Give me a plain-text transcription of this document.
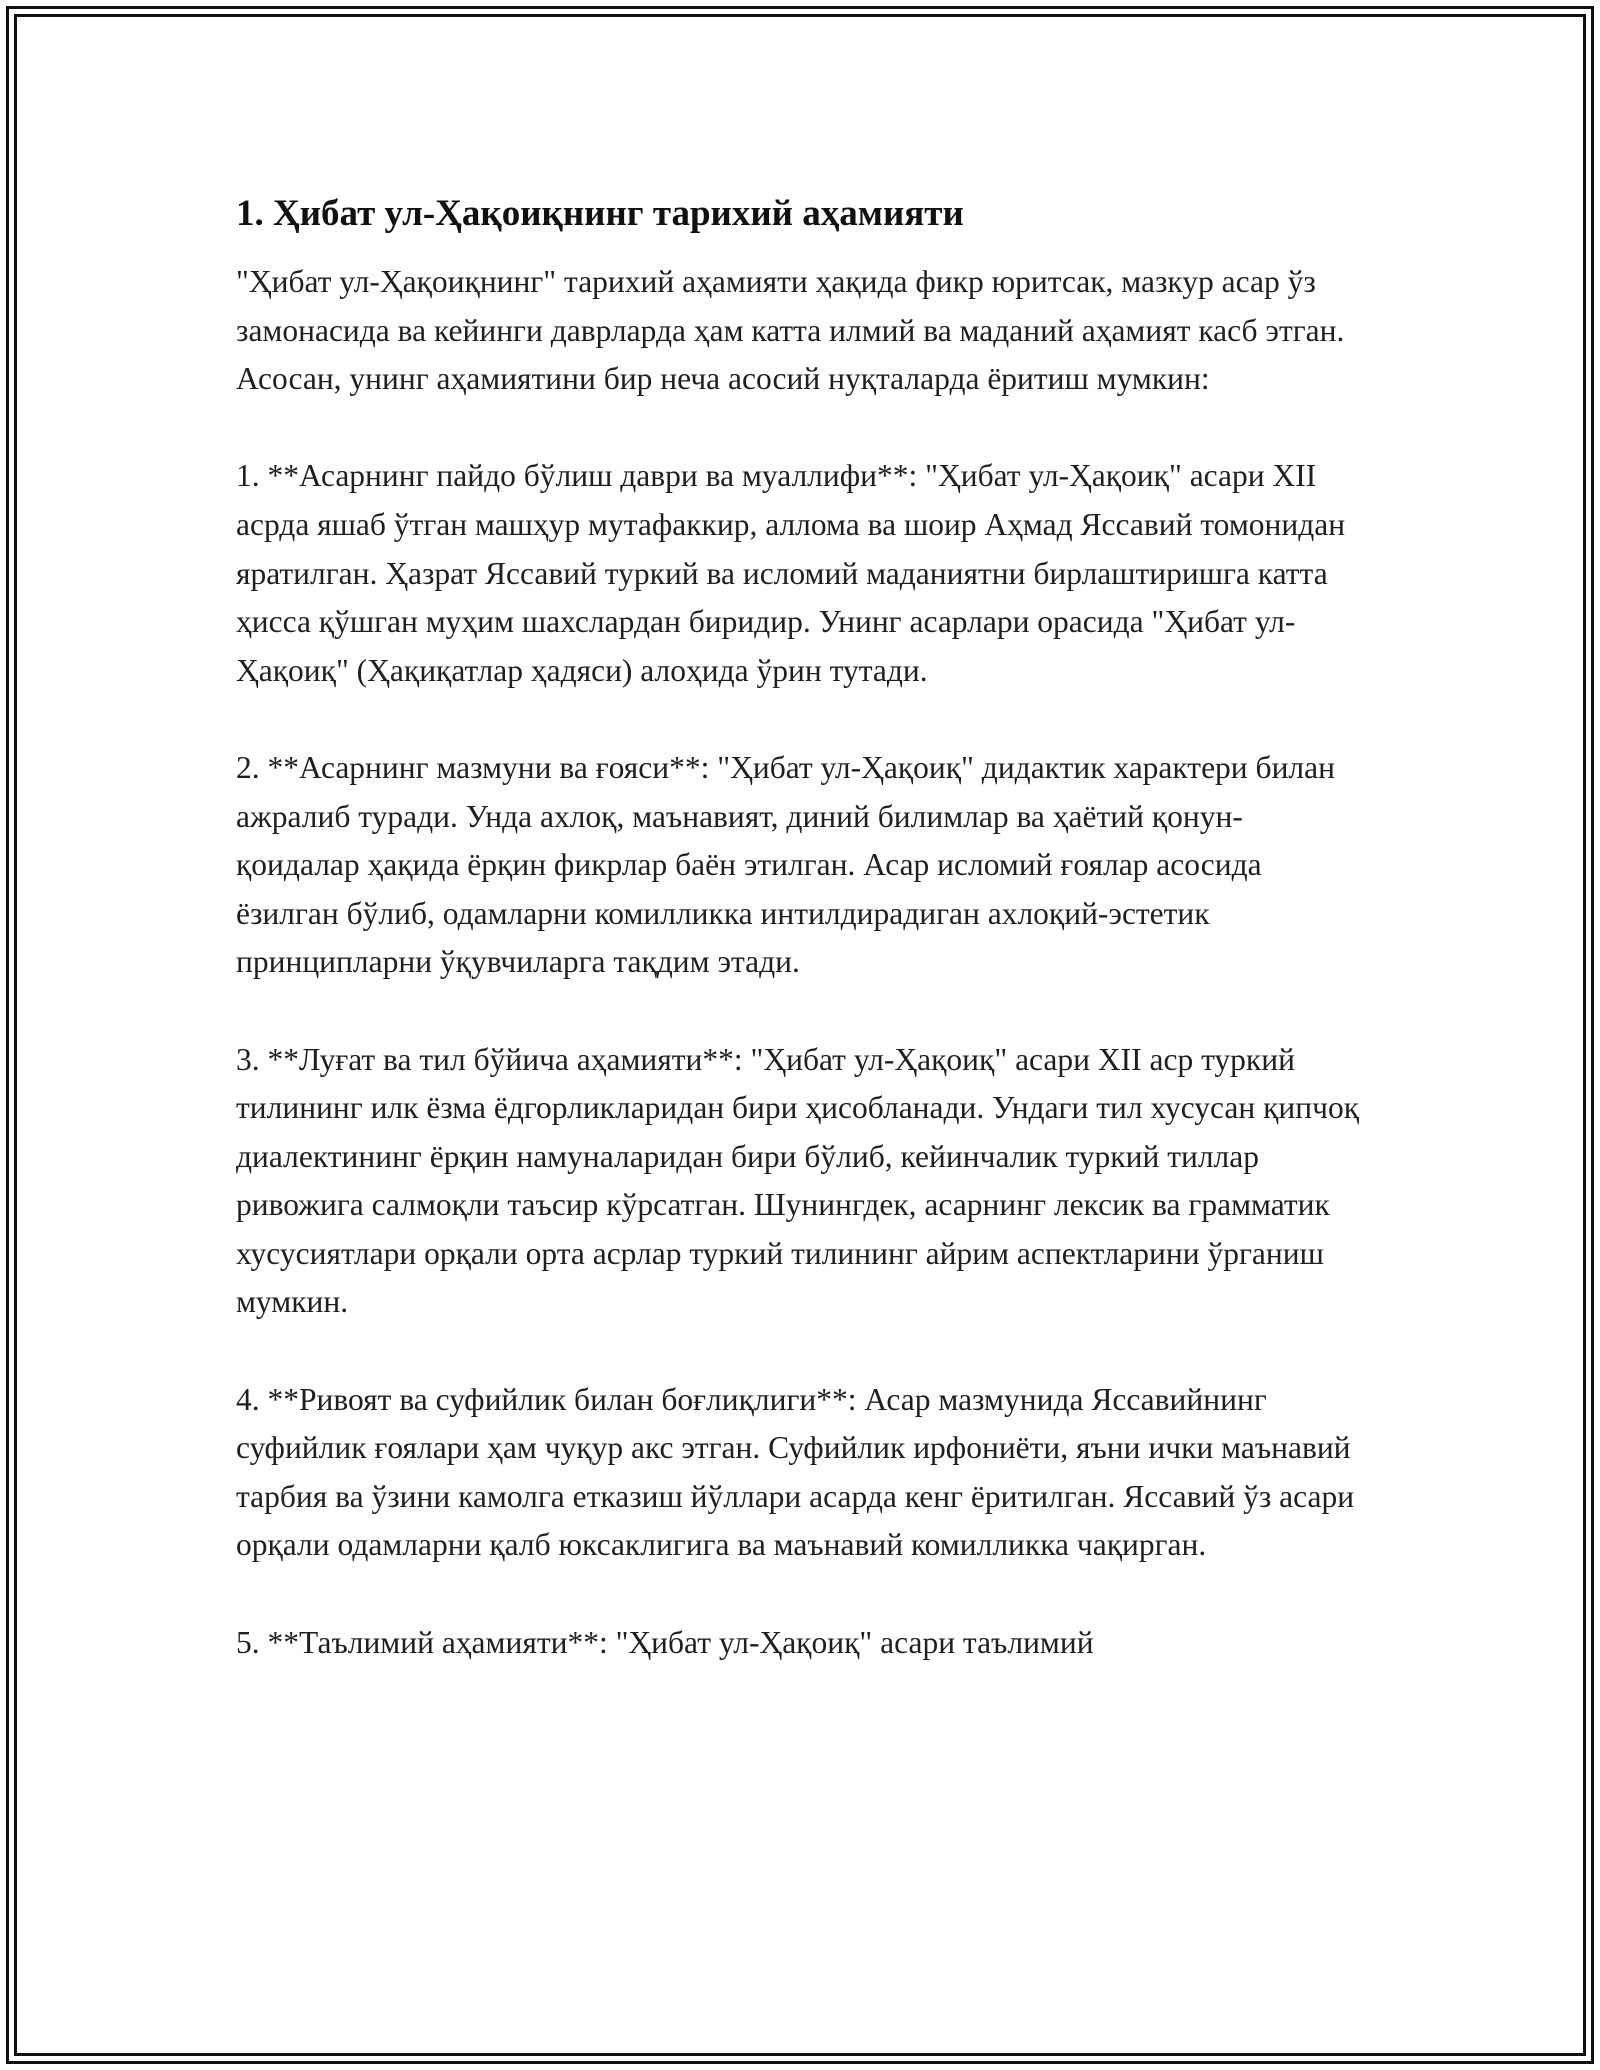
1. Ҳибат ул-Ҳақоиқнинг тарихий аҳамияти

"Ҳибат ул-Ҳақоиқнинг" тарихий аҳамияти ҳақида фикр юритсак, мазкур асар ўз замонасида ва кейинги даврларда ҳам катта илмий ва маданий аҳамият касб этган. Асосан, унинг аҳамиятини бир неча асосий нуқталарда ёритиш мумкин:

1. **Асарнинг пайдо бўлиш даври ва муаллифи**: "Ҳибат ул-Ҳақоиқ" асари XII асрда яшаб ўтган машҳур мутафаккир, аллома ва шоир Аҳмад Яссавий томонидан яратилган. Ҳазрат Яссавий туркий ва исломий маданиятни бирлаштиришга катта ҳисса қўшган муҳим шахслардан биридир. Унинг асарлари орасида "Ҳибат ул-Ҳақоиқ" (Ҳақиқатлар ҳадяси) алоҳида ўрин тутади.

2. **Асарнинг мазмуни ва ғояси**: "Ҳибат ул-Ҳақоиқ" дидактик характери билан ажралиб туради. Унда ахлоқ, маънавият, диний билимлар ва ҳаётий қонун-қоидалар ҳақида ёрқин фикрлар баён этилган. Асар исломий ғоялар асосида ёзилган бўлиб, одамларни комилликка интилдирадиган ахлоқий-эстетик принципларни ўқувчиларга тақдим этади.

3. **Луғат ва тил бўйича аҳамияти**: "Ҳибат ул-Ҳақоиқ" асари XII аср туркий тилининг илк ёзма ёдгорликларидан бири ҳисобланади. Ундаги тил хусусан қипчоқ диалектининг ёрқин намуналаридан бири бўлиб, кейинчалик туркий тиллар ривожига салмоқли таъсир кўрсатган. Шунингдек, асарнинг лексик ва грамматик хусусиятлари орқали орта асрлар туркий тилининг айрим аспектларини ўрганиш мумкин.

4. **Ривоят ва суфийлик билан боғлиқлиги**: Асар мазмунида Яссавийнинг суфийлик ғоялари ҳам чуқур акс этган. Суфийлик ирфониёти, яъни ички маънавий тарбия ва ўзини камолга етказиш йўллари асарда кенг ёритилган. Яссавий ўз асари орқали одамларни қалб юксаклигига ва маънавий комилликка чақирган.

5. **Таълимий аҳамияти**: "Ҳибат ул-Ҳақоиқ" асари таълимий
